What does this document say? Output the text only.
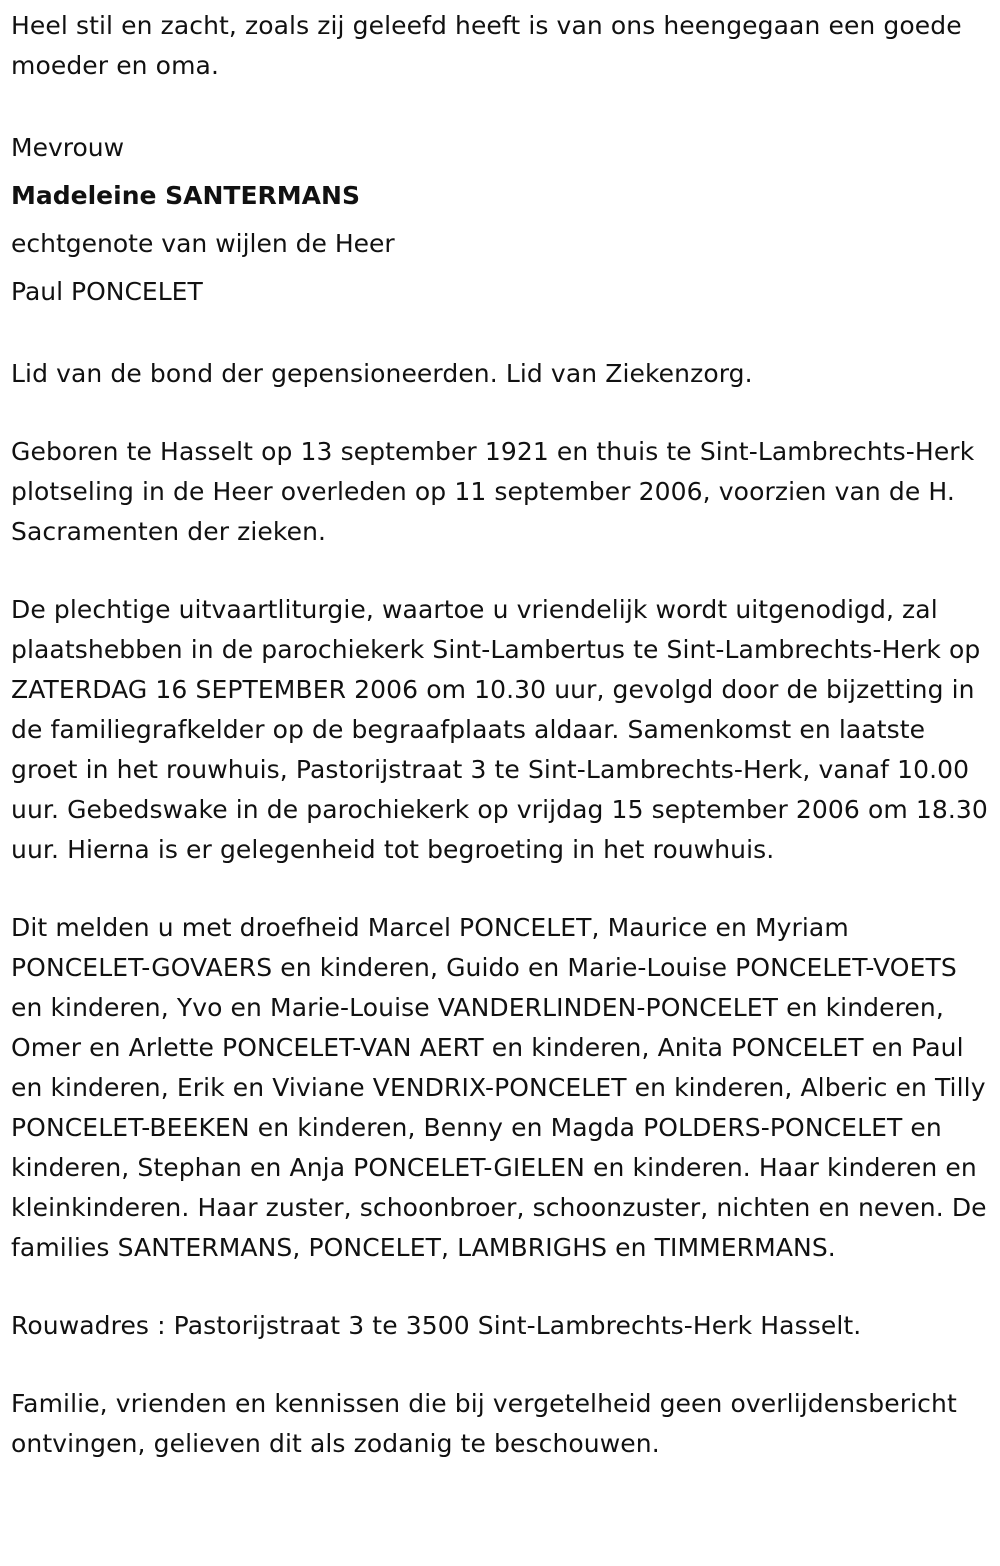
Heel stil en zacht, zoals zij geleefd heeft is van ons heengegaan een goede moeder en oma.

Mevrouw
Madeleine SANTERMANS
echtgenote van wijlen de Heer
Paul PONCELET

Lid van de bond der gepensioneerden. Lid van Ziekenzorg.

Geboren te Hasselt op 13 september 1921 en thuis te Sint-Lambrechts-Herk plotseling in de Heer overleden op 11 september 2006, voorzien van de H. Sacramenten der zieken.

De plechtige uitvaartliturgie, waartoe u vriendelijk wordt uitgenodigd, zal plaatshebben in de parochiekerk Sint-Lambertus te Sint-Lambrechts-Herk op ZATERDAG 16 SEPTEMBER 2006 om 10.30 uur, gevolgd door de bijzetting in de familiegrafkelder op de begraafplaats aldaar. Samenkomst en laatste groet in het rouwhuis, Pastorijstraat 3 te Sint-Lambrechts-Herk, vanaf 10.00 uur. Gebedswake in de parochiekerk op vrijdag 15 september 2006 om 18.30 uur. Hierna is er gelegenheid tot begroeting in het rouwhuis.

Dit melden u met droefheid Marcel PONCELET, Maurice en Myriam PONCELET-GOVAERS en kinderen, Guido en Marie-Louise PONCELET-VOETS en kinderen, Yvo en Marie-Louise VANDERLINDEN-PONCELET en kinderen, Omer en Arlette PONCELET-VAN AERT en kinderen, Anita PONCELET en Paul en kinderen, Erik en Viviane VENDRIX-PONCELET en kinderen, Alberic en Tilly PONCELET-BEEKEN en kinderen, Benny en Magda POLDERS-PONCELET en kinderen, Stephan en Anja PONCELET-GIELEN en kinderen. Haar kinderen en kleinkinderen. Haar zuster, schoonbroer, schoonzuster, nichten en neven. De families SANTERMANS, PONCELET, LAMBRIGHS en TIMMERMANS.

Rouwadres : Pastorijstraat 3 te 3500 Sint-Lambrechts-Herk Hasselt.

Familie, vrienden en kennissen die bij vergetelheid geen overlijdensbericht ontvingen, gelieven dit als zodanig te beschouwen.
